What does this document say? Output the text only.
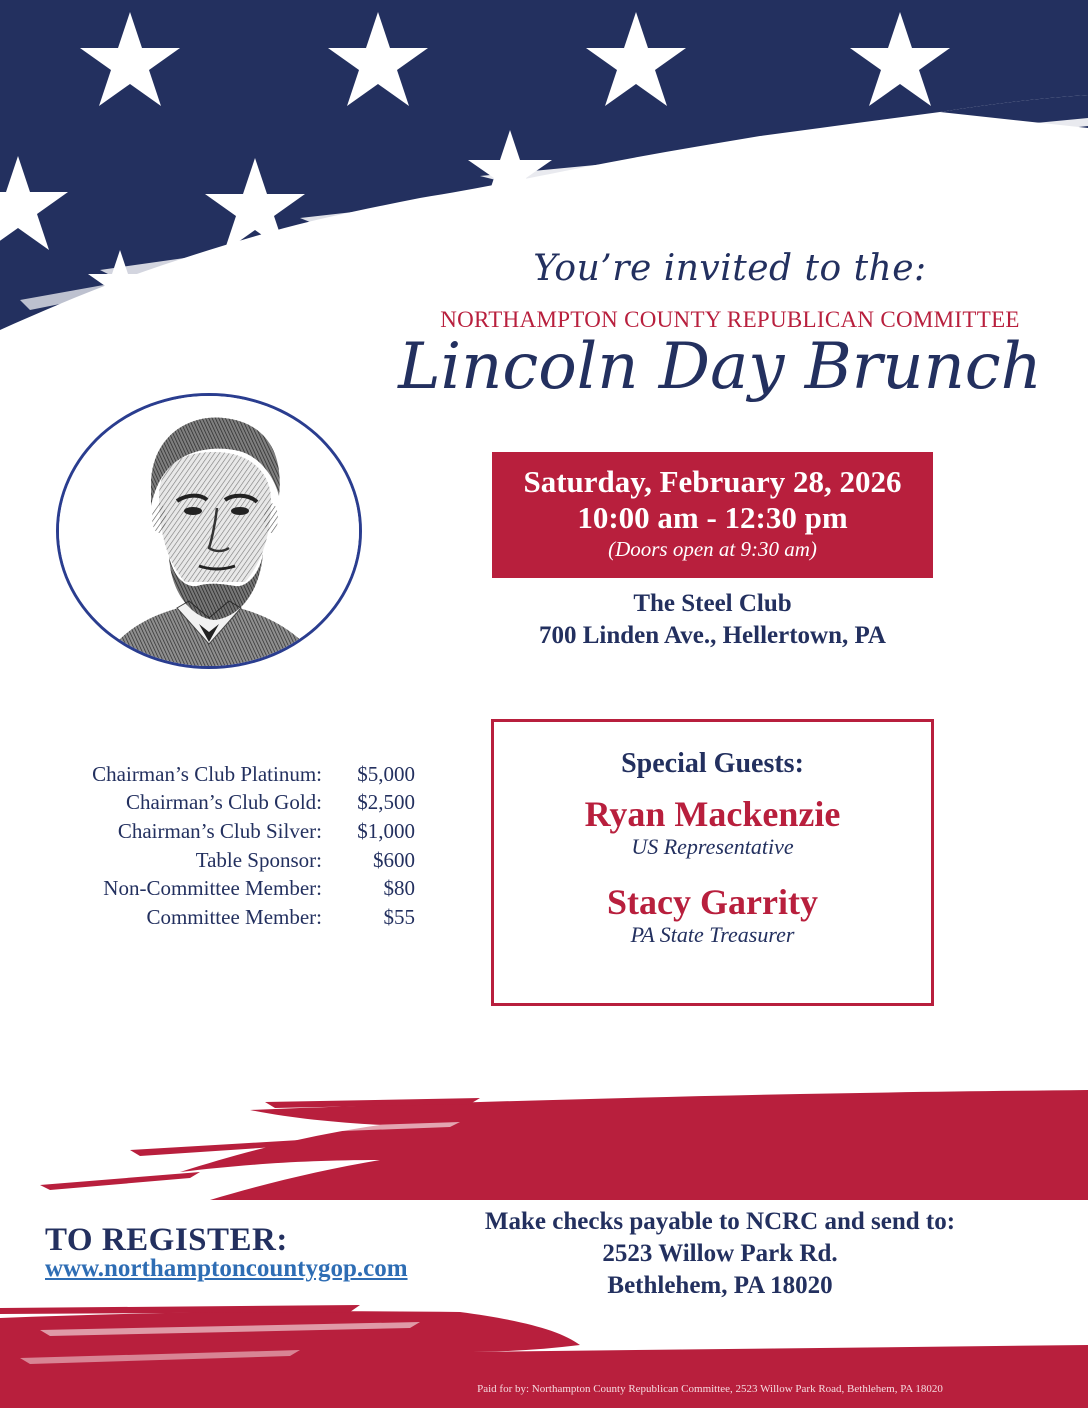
You’re invited to the:
NORTHAMPTON COUNTY REPUBLICAN COMMITTEE
Lincoln Day Brunch
Saturday, February 28, 2026
10:00 am - 12:30 pm
(Doors open at 9:30 am)
The Steel Club
700 Linden Ave., Hellertown, PA
Chairman’s Club Platinum:	$5,000
Chairman’s Club Gold:	$2,500
Chairman’s Club Silver:	$1,000
Table Sponsor:	$600
Non-Committee Member:	$80
Committee Member:	$55
Special Guests:
Ryan Mackenzie
US Representative
Stacy Garrity
PA State Treasurer
TO REGISTER:
www.northamptoncountygop.com
Make checks payable to NCRC and send to:
2523 Willow Park Rd.
Bethlehem, PA 18020
Paid for by: Northampton County Republican Committee, 2523 Willow Park Road, Bethlehem, PA 18020
